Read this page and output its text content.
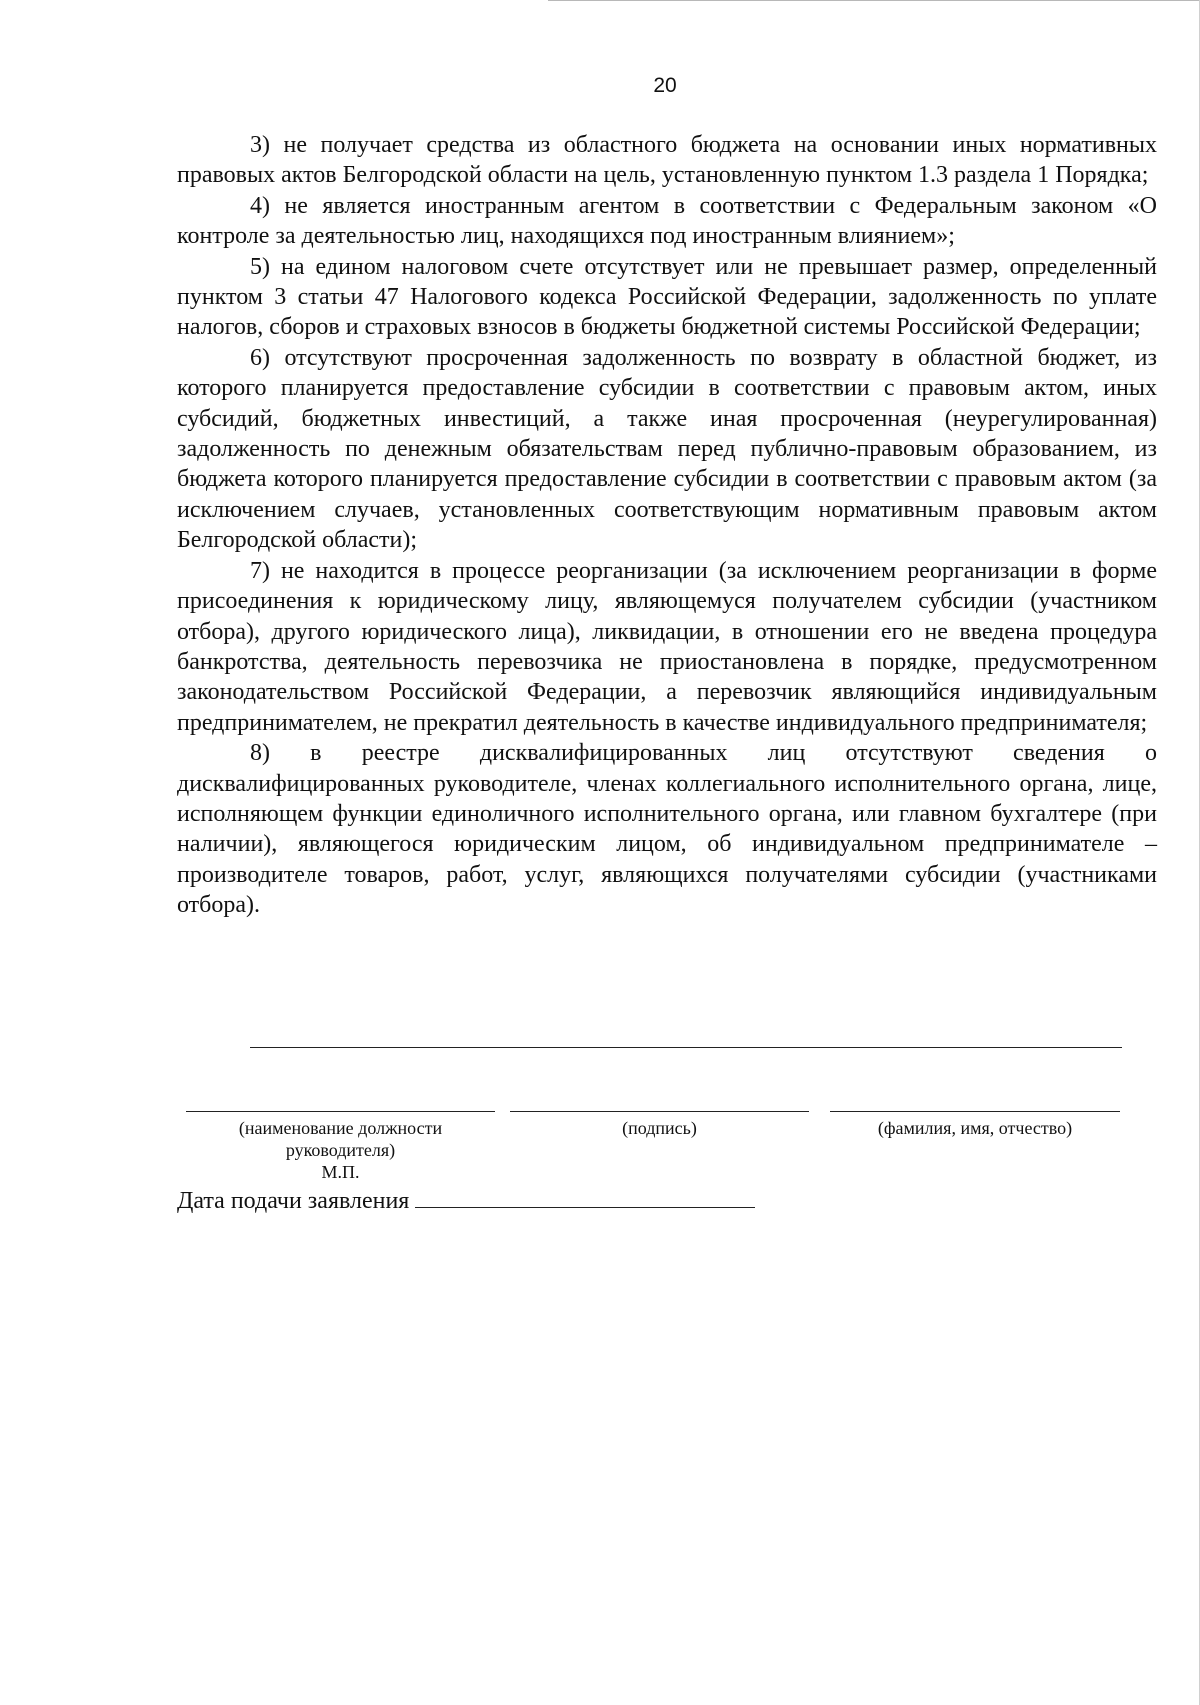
20

3) не получает средства из областного бюджета на основании иных нормативных правовых актов Белгородской области на цель, установленную пунктом 1.3 раздела 1 Порядка;

4) не является иностранным агентом в соответствии с Федеральным законом «О контроле за деятельностью лиц, находящихся под иностранным влиянием»;

5) на едином налоговом счете отсутствует или не превышает размер, определенный пунктом 3 статьи 47 Налогового кодекса Российской Федерации, задолженность по уплате налогов, сборов и страховых взносов в бюджеты бюджетной системы Российской Федерации;

6) отсутствуют просроченная задолженность по возврату в областной бюджет, из которого планируется предоставление субсидии в соответствии с правовым актом, иных субсидий, бюджетных инвестиций, а также иная просроченная (неурегулированная) задолженность по денежным обязательствам перед публично-правовым образованием, из бюджета которого планируется предоставление субсидии в соответствии с правовым актом (за исключением случаев, установленных соответствующим нормативным правовым актом Белгородской области);

7) не находится в процессе реорганизации (за исключением реорганизации в форме присоединения к юридическому лицу, являющемуся получателем субсидии (участником отбора), другого юридического лица), ликвидации, в отношении его не введена процедура банкротства, деятельность перевозчика не приостановлена в порядке, предусмотренном законодательством Российской Федерации, а перевозчик являющийся индивидуальным предпринимателем, не прекратил деятельность в качестве индивидуального предпринимателя;

8) в реестре дисквалифицированных лиц отсутствуют сведения о дисквалифицированных руководителе, членах коллегиального исполнительного органа, лице, исполняющем функции единоличного исполнительного органа, или главном бухгалтере (при наличии), являющегося юридическим лицом, об индивидуальном предпринимателе – производителе товаров, работ, услуг, являющихся получателями субсидии (участниками отбора).

(наименование должности
руководителя)
М.П.
(подпись)	(фамилия, имя, отчество)
Дата подачи заявления
